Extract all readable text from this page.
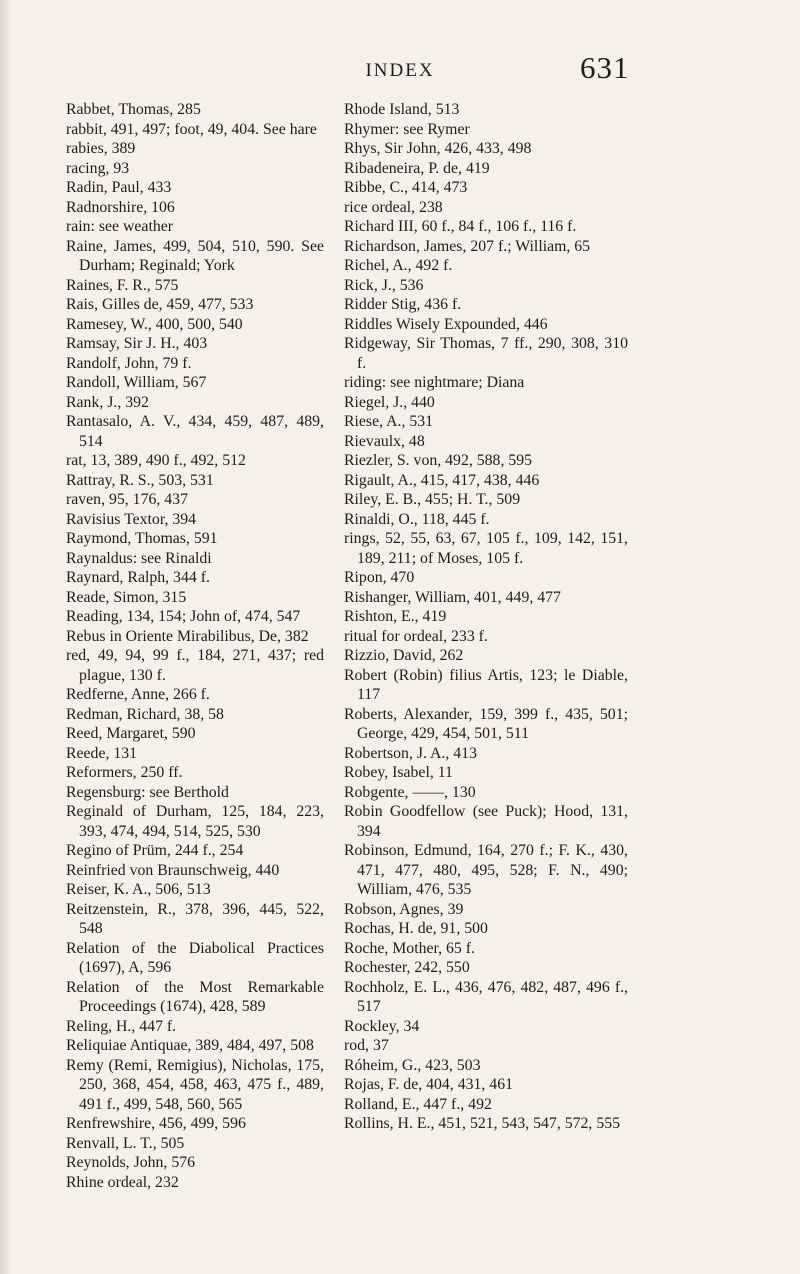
INDEX	631

Rabbet, Thomas, 285

rabbit, 491, 497; foot, 49, 404. See hare

rabies, 389

racing, 93

Radin, Paul, 433

Radnorshire, 106

rain: see weather

Raine, James, 499, 504, 510, 590. See Durham; Reginald; York

Raines, F. R., 575

Rais, Gilles de, 459, 477, 533

Ramesey, W., 400, 500, 540

Ramsay, Sir J. H., 403

Randolf, John, 79 f.

Randoll, William, 567

Rank, J., 392

Rantasalo, A. V., 434, 459, 487, 489, 514

rat, 13, 389, 490 f., 492, 512

Rattray, R. S., 503, 531

raven, 95, 176, 437

Ravisius Textor, 394

Raymond, Thomas, 591

Raynaldus: see Rinaldi

Raynard, Ralph, 344 f.

Reade, Simon, 315

Reading, 134, 154; John of, 474, 547

Rebus in Oriente Mirabilibus, De, 382

red, 49, 94, 99 f., 184, 271, 437; red plague, 130 f.

Redferne, Anne, 266 f.

Redman, Richard, 38, 58

Reed, Margaret, 590

Reede, 131

Reformers, 250 ff.

Regensburg: see Berthold

Reginald of Durham, 125, 184, 223, 393, 474, 494, 514, 525, 530

Regino of Prüm, 244 f., 254

Reinfried von Braunschweig, 440

Reiser, K. A., 506, 513

Reitzenstein, R., 378, 396, 445, 522, 548

Relation of the Diabolical Practices (1697), A, 596

Relation of the Most Remarkable Proceedings (1674), 428, 589

Reling, H., 447 f.

Reliquiae Antiquae, 389, 484, 497, 508

Remy (Remi, Remigius), Nicholas, 175, 250, 368, 454, 458, 463, 475 f., 489, 491 f., 499, 548, 560, 565

Renfrewshire, 456, 499, 596

Renvall, L. T., 505

Reynolds, John, 576

Rhine ordeal, 232

Rhode Island, 513

Rhymer: see Rymer

Rhys, Sir John, 426, 433, 498

Ribadeneira, P. de, 419

Ribbe, C., 414, 473

rice ordeal, 238

Richard III, 60 f., 84 f., 106 f., 116 f.

Richardson, James, 207 f.; William, 65

Richel, A., 492 f.

Rick, J., 536

Ridder Stig, 436 f.

Riddles Wisely Expounded, 446

Ridgeway, Sir Thomas, 7 ff., 290, 308, 310 f.

riding: see nightmare; Diana

Riegel, J., 440

Riese, A., 531

Rievaulx, 48

Riezler, S. von, 492, 588, 595

Rigault, A., 415, 417, 438, 446

Riley, E. B., 455; H. T., 509

Rinaldi, O., 118, 445 f.

rings, 52, 55, 63, 67, 105 f., 109, 142, 151, 189, 211; of Moses, 105 f.

Ripon, 470

Rishanger, William, 401, 449, 477

Rishton, E., 419

ritual for ordeal, 233 f.

Rizzio, David, 262

Robert (Robin) filius Artis, 123; le Diable, 117

Roberts, Alexander, 159, 399 f., 435, 501; George, 429, 454, 501, 511

Robertson, J. A., 413

Robey, Isabel, 11

Robgente, ——, 130

Robin Goodfellow (see Puck); Hood, 131, 394

Robinson, Edmund, 164, 270 f.; F. K., 430, 471, 477, 480, 495, 528; F. N., 490; William, 476, 535

Robson, Agnes, 39

Rochas, H. de, 91, 500

Roche, Mother, 65 f.

Rochester, 242, 550

Rochholz, E. L., 436, 476, 482, 487, 496 f., 517

Rockley, 34

rod, 37

Róheim, G., 423, 503

Rojas, F. de, 404, 431, 461

Rolland, E., 447 f., 492

Rollins, H. E., 451, 521, 543, 547, 572, 555
